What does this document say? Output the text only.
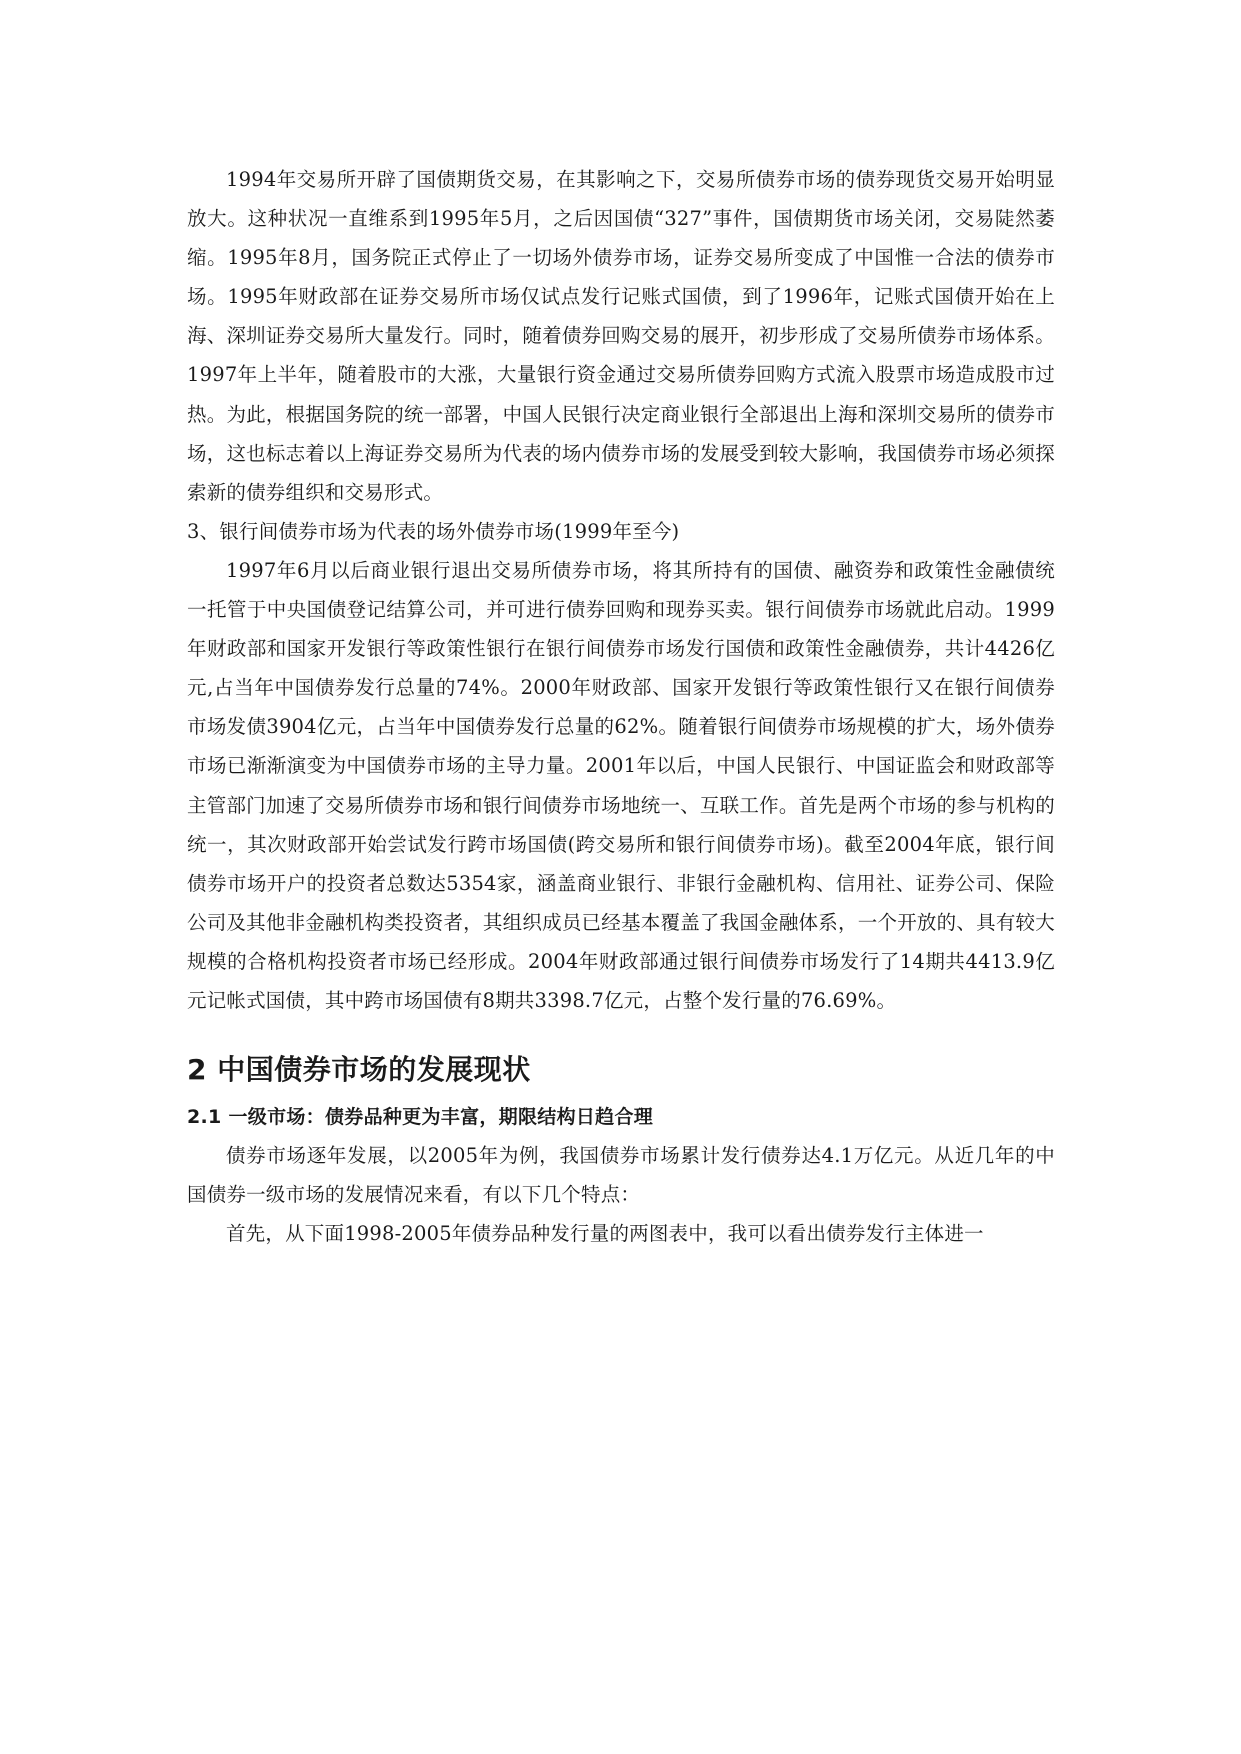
1994年交易所开辟了国债期货交易，在其影响之下，交易所债券市场的债券现货交易开始明显放大。这种状况一直维系到1995年5月，之后因国债“327”事件，国债期货市场关闭，交易陡然萎缩。1995年8月，国务院正式停止了一切场外债券市场，证券交易所变成了中国惟一合法的债券市场。1995年财政部在证券交易所市场仅试点发行记账式国债，到了1996年，记账式国债开始在上海、深圳证券交易所大量发行。同时，随着债券回购交易的展开，初步形成了交易所债券市场体系。1997年上半年，随着股市的大涨，大量银行资金通过交易所债券回购方式流入股票市场造成股市过热。为此，根据国务院的统一部署，中国人民银行决定商业银行全部退出上海和深圳交易所的债券市场，这也标志着以上海证券交易所为代表的场内债券市场的发展受到较大影响，我国债券市场必须探索新的债券组织和交易形式。

3、银行间债券市场为代表的场外债券市场(1999年至今)

1997年6月以后商业银行退出交易所债券市场，将其所持有的国债、融资券和政策性金融债统一托管于中央国债登记结算公司，并可进行债券回购和现券买卖。银行间债券市场就此启动。1999年财政部和国家开发银行等政策性银行在银行间债券市场发行国债和政策性金融债券，共计4426亿元,占当年中国债券发行总量的74%。2000年财政部、国家开发银行等政策性银行又在银行间债券市场发债3904亿元，占当年中国债券发行总量的62%。随着银行间债券市场规模的扩大，场外债券市场已渐渐演变为中国债券市场的主导力量。2001年以后，中国人民银行、中国证监会和财政部等主管部门加速了交易所债券市场和银行间债券市场地统一、互联工作。首先是两个市场的参与机构的统一，其次财政部开始尝试发行跨市场国债(跨交易所和银行间债券市场)。截至2004年底，银行间债券市场开户的投资者总数达5354家，涵盖商业银行、非银行金融机构、信用社、证券公司、保险公司及其他非金融机构类投资者，其组织成员已经基本覆盖了我国金融体系，一个开放的、具有较大规模的合格机构投资者市场已经形成。2004年财政部通过银行间债券市场发行了14期共4413.9亿元记帐式国债，其中跨市场国债有8期共3398.7亿元，占整个发行量的76.69%。

2 中国债券市场的发展现状
2.1 一级市场：债券品种更为丰富，期限结构日趋合理

债券市场逐年发展，以2005年为例，我国债券市场累计发行债券达4.1万亿元。从近几年的中国债券一级市场的发展情况来看，有以下几个特点：

首先，从下面1998-2005年债券品种发行量的两图表中，我可以看出债券发行主体进一
